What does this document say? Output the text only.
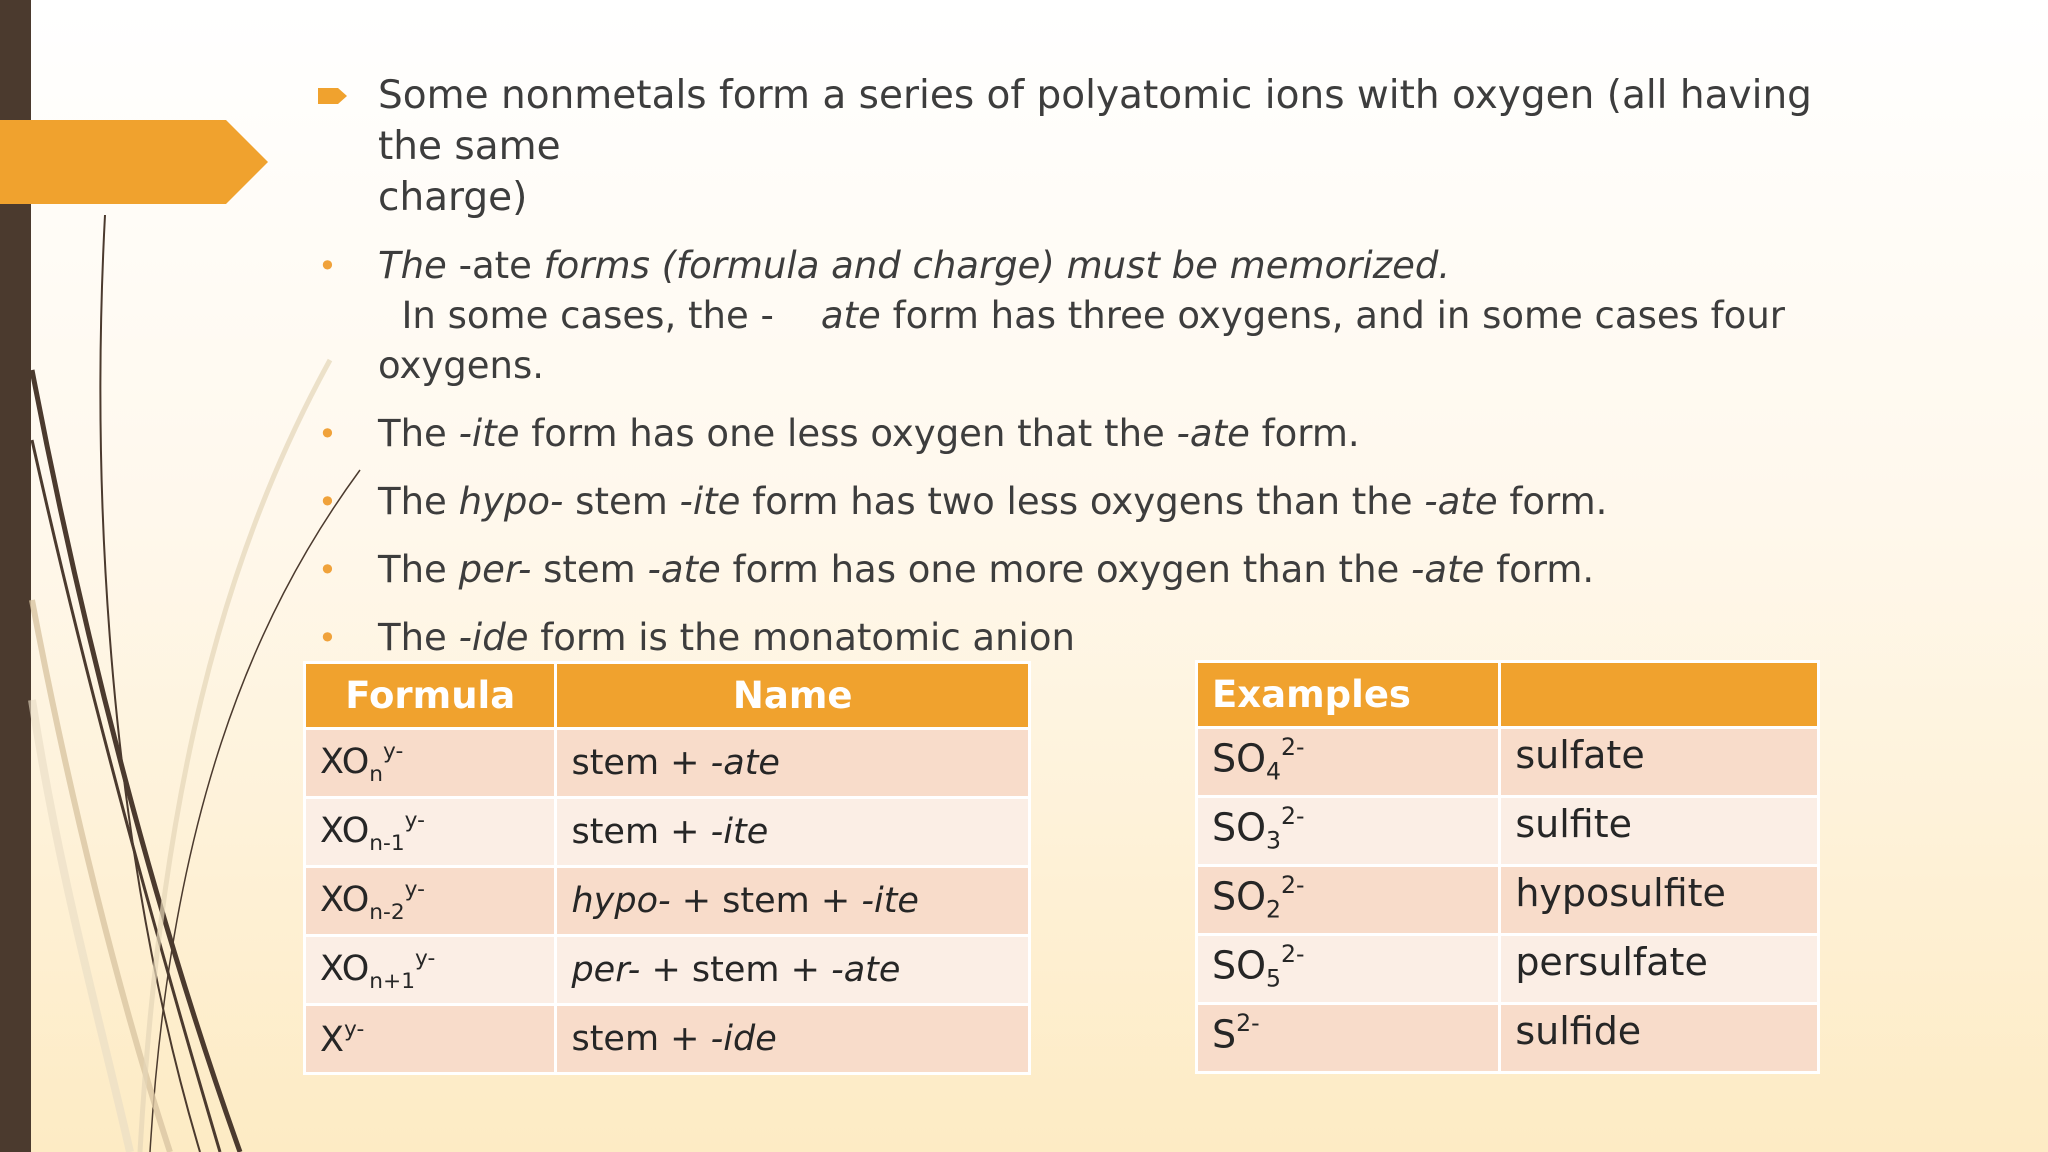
Some nonmetals form a series of polyatomic ions with oxygen (all having the same
charge)
• The -ate forms (formula and charge) must be memorized.  In some cases, the -    ate form has three oxygens, and in some cases four oxygens.
• The -ite form has one less oxygen that the -ate form.
• The hypo- stem -ite form has two less oxygens than the -ate form.
• The per- stem -ate form has one more oxygen than the -ate form.
• The -ide form is the monatomic anion
Formula	Name
$XO_n^{y-}$	stem + -ate
$XO_{n-1}^{y-}$	stem + -ite
$XO_{n-2}^{y-}$	hypo- + stem + -ite
$XO_{n+1}^{y-}$	per- + stem + -ate
$X^{y-}$	stem + -ide
Examples	
$SO_4^{2-}$	sulfate
$SO_3^{2-}$	sulfite
$SO_2^{2-}$	hyposulfite
$SO_5^{2-}$	persulfate
$S^{2-}$	sulfide
